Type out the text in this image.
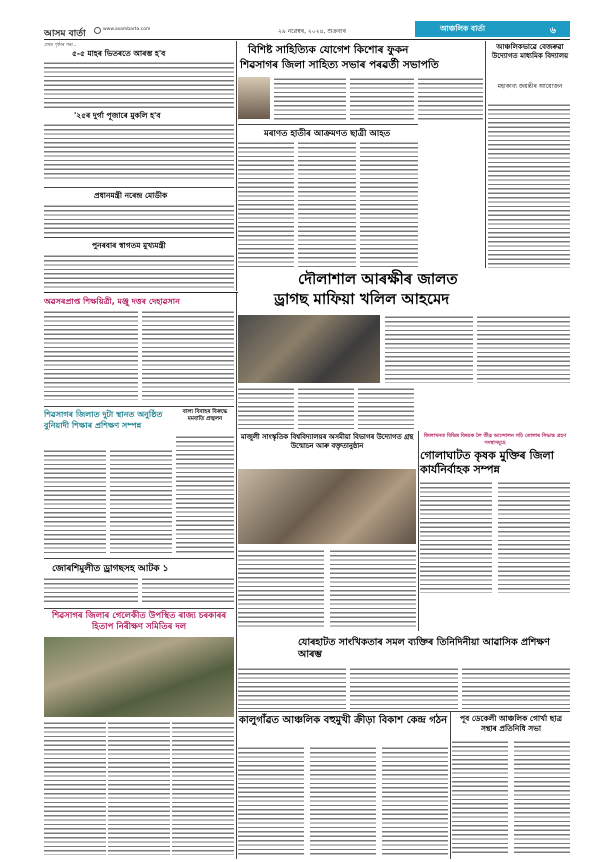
আসম বাৰ্তা	www.asambarta.com	২৯ নৱেম্বৰ, ২০২৪, শুক্ৰবাৰ	আঞ্চলিক বাৰ্তা	৬
প্ৰথম পৃষ্ঠাৰ পৰা...
৫-৫ মাহৰ ভিতৰতে আৰম্ভ হ'ব
'২৫ৰ দুৰ্গা পূজাৰে মুকলি হ'ব
প্ৰধানমন্ত্ৰী নৰেন্দ্ৰ মোডীক
পুনৰবাৰ স্বাগতম মুখ্যমন্ত্ৰী
বিশিষ্ট সাহিত্যিক যোগেশ কিশোৰ ফুকন
শিৱসাগৰ জিলা সাহিত্য সভাৰ পৰৱৰ্তী সভাপতি
মৰাণত হাতীৰ আক্ৰমণত ছাত্ৰী আহত
আঞ্চলিকভাৱে বেজৰুৱা উদ্যোগত মাধ্যমিক বিদ্যালয়
মহাকাব্য জয়ন্তীৰ আয়োজন
দৌলাশাল আৰক্ষীৰ জালত
ড্ৰাগছ মাফিয়া খলিল আহমেদ
অৱসৰপ্ৰাপ্ত শিক্ষয়িত্ৰী, মঞ্জু দত্তৰ দেহাৱসান
শিৱসাগৰ জিলাত দুটা স্থানত অনুষ্ঠিত বুনিয়াদী শিক্ষাৰ প্ৰশিক্ষণ সম্পন্ন
বাল্য বিবাহৰ বিৰুদ্ধে মমবাতি প্ৰজ্বলন
মাজুলী সাংস্কৃতিক বিশ্ববিদ্যালয়ৰ অসমীয়া বিভাগৰ উদ্যোগত গ্ৰন্থ উন্মোচন আৰু বক্তৃতানুষ্ঠান
জিলাখনত বিভিন্ন বিষয়ক লৈ তীব্ৰ আন্দোলন গঢ়ি তোলাৰ সিদ্ধান্ত গ্ৰহণ সংস্থাসমূহে
গোলাঘাটত কৃষক মুক্তিৰ জিলা কাৰ্যনিৰ্বাহক সম্পন্ন
জোৰশিমুলীত ড্ৰাগছসহ আটক ১
শিৱসাগৰ জিলাৰ গেলেকীত উপস্থিত ৰাজ্য চৰকাৰৰ হিতাপ নিৰীক্ষণ সমিতিৰ দল
যোৰহাটত সাংখিকতাৰ সমল ব্যক্তিৰ তিনিদিনীয়া আৱাসিক প্ৰশিক্ষণ আৰম্ভ
কালুগাঁৱত আঞ্চলিক বহুমুখী ক্ৰীড়া বিকাশ কেন্দ্ৰ গঠন	পূব ডেকেলী আঞ্চলিক গোৰ্খা ছাত্ৰ সন্থাৰ প্ৰতিনিধি সভা
